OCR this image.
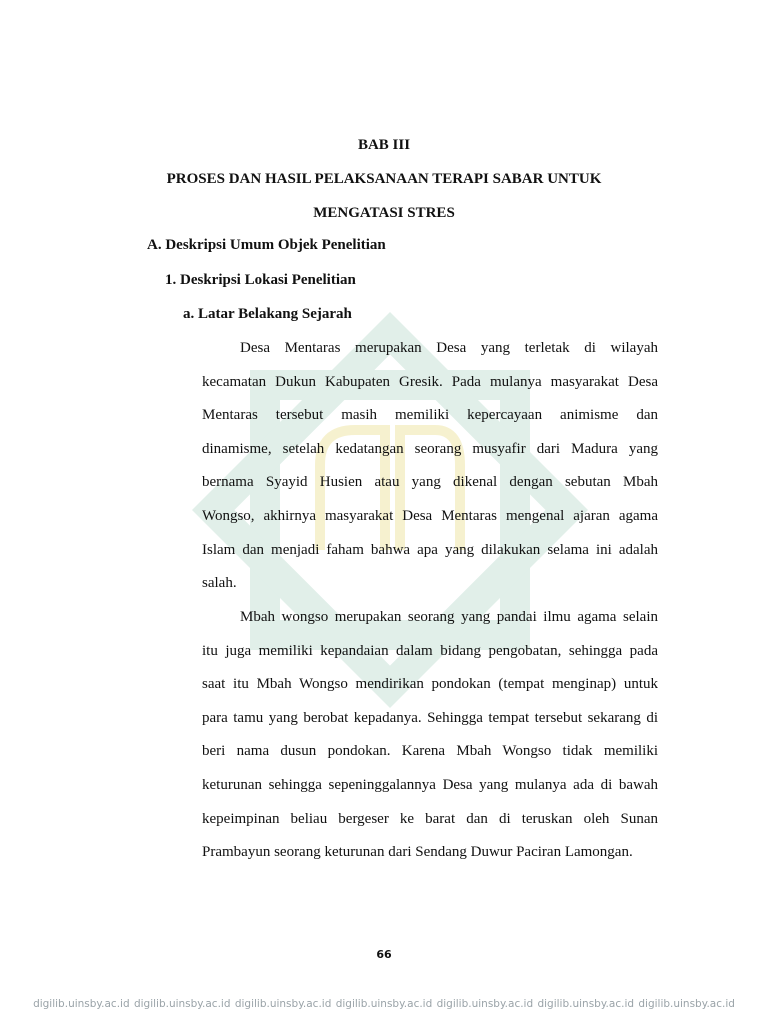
BAB III

PROSES DAN HASIL PELAKSANAAN TERAPI SABAR UNTUK

MENGATASI STRES

A. Deskripsi Umum Objek Penelitian

1. Deskripsi Lokasi Penelitian

a. Latar Belakang Sejarah

Desa Mentaras merupakan Desa yang terletak di wilayah
kecamatan Dukun Kabupaten Gresik. Pada mulanya masyarakat Desa
Mentaras tersebut masih memiliki kepercayaan animisme dan
dinamisme, setelah kedatangan seorang musyafir dari Madura yang
bernama Syayid Husien atau yang dikenal dengan sebutan Mbah
Wongso, akhirnya masyarakat Desa Mentaras mengenal ajaran agama
Islam dan menjadi faham bahwa apa yang dilakukan selama ini adalah
salah.
Mbah wongso merupakan seorang yang pandai ilmu agama selain
itu juga memiliki kepandaian dalam bidang pengobatan, sehingga pada
saat itu Mbah Wongso mendirikan pondokan (tempat menginap) untuk
para tamu yang berobat kepadanya. Sehingga tempat tersebut sekarang di
beri nama dusun pondokan. Karena Mbah Wongso tidak memiliki
keturunan sehingga sepeninggalannya Desa yang mulanya ada di bawah
kepeimpinan beliau bergeser ke barat dan di teruskan oleh Sunan
Prambayun seorang keturunan dari Sendang Duwur Paciran Lamongan.
66
digilib.uinsby.ac.id digilib.uinsby.ac.id digilib.uinsby.ac.id digilib.uinsby.ac.id digilib.uinsby.ac.id digilib.uinsby.ac.id digilib.uinsby.ac.id
